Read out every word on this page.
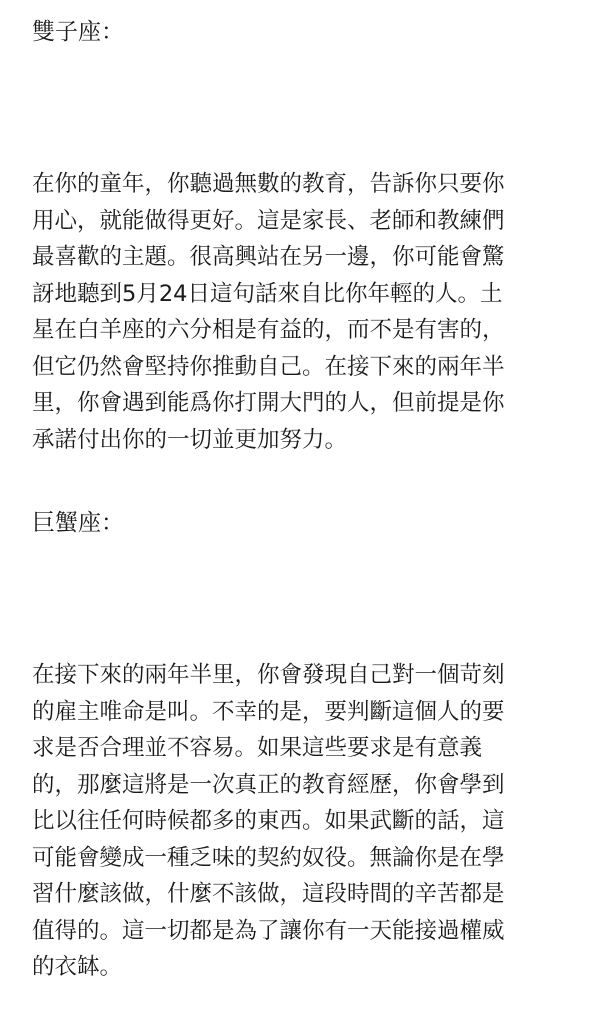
雙子座：
在你的童年，你聽過無數的教育，告訴你只要你
用心，就能做得更好。這是家長、老師和教練們
最喜歡的主題。很高興站在另一邊，你可能會驚
訝地聽到5月24日這句話來自比你年輕的人。土
星在白羊座的六分相是有益的，而不是有害的，
但它仍然會堅持你推動自己。在接下來的兩年半
里，你會遇到能爲你打開大門的人，但前提是你
承諾付出你的一切並更加努力。
巨蟹座：
在接下來的兩年半里，你會發現自己對一個苛刻
的雇主唯命是叫。不幸的是，要判斷這個人的要
求是否合理並不容易。如果這些要求是有意義
的，那麼這將是一次真正的教育經歷，你會學到
比以往任何時候都多的東西。如果武斷的話，這
可能會變成一種乏味的契約奴役。無論你是在學
習什麼該做，什麼不該做，這段時間的辛苦都是
值得的。這一切都是為了讓你有一天能接過權威
的衣缽。
